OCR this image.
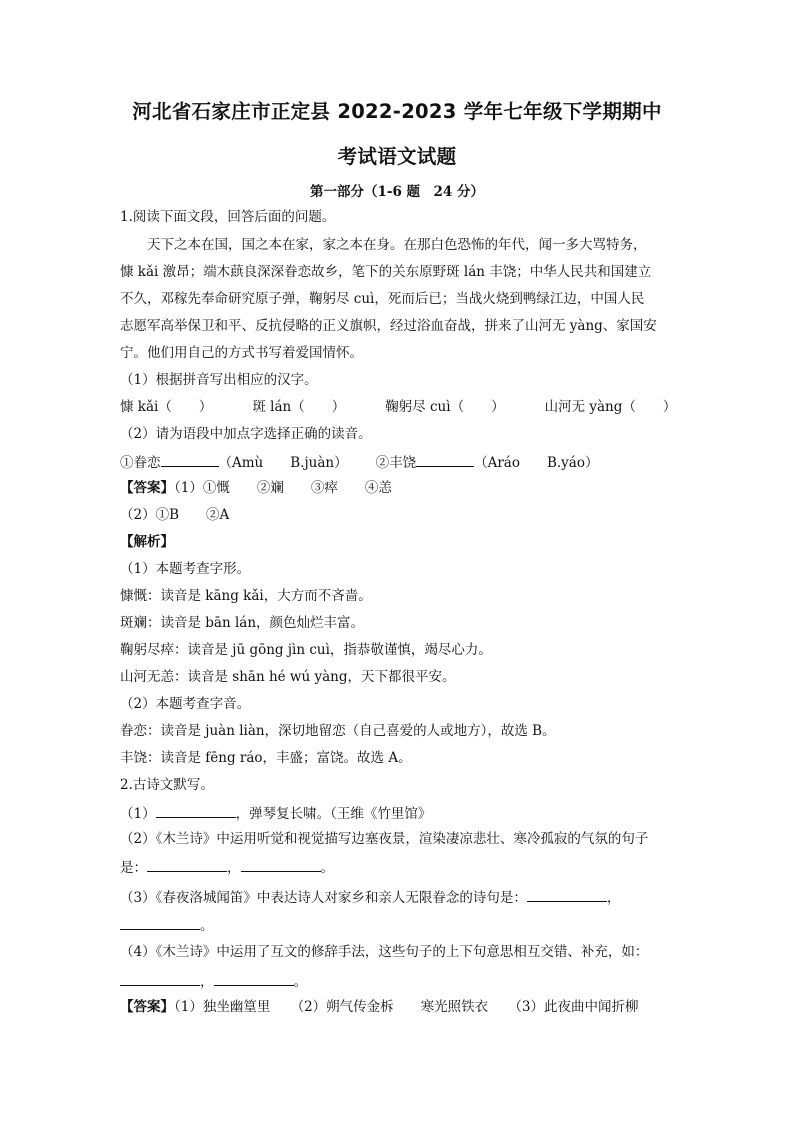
河北省石家庄市正定县 2022-2023 学年七年级下学期期中
考试语文试题
第一部分（1-6 题　24 分）
1.阅读下面文段，回答后面的问题。
天下之本在国，国之本在家，家之本在身。在那白色恐怖的年代，闻一多大骂特务，
慷 kǎi 激昂；端木蕻良深深眷恋故乡，笔下的关东原野斑 lán 丰饶；中华人民共和国建立
不久，邓稼先奉命研究原子弹，鞠躬尽 cuì，死而后已；当战火烧到鸭绿江边，中国人民
志愿军高举保卫和平、反抗侵略的正义旗帜，经过浴血奋战，拼来了山河无 yàng、家国安
宁。他们用自己的方式书写着爱国情怀。
（1）根据拼音写出相应的汉字。
慷 kǎi（　　）	斑 lán（　　）	鞠躬尽 cuì（　　）	山河无 yàng（　　）
（2）请为语段中加点字选择正确的读音。
①眷恋	（Amù　　B.juàn） ②丰饶	（Aráo　　B.yáo）
【答案】（1）①慨　　②斓　　③瘁　　④恙
（2）①B　　②A
【解析】
（1）本题考查字形。
慷慨：读音是 kāng kǎi，大方而不吝啬。
斑斓：读音是 bān lán，颜色灿烂丰富。
鞠躬尽瘁：读音是 jū gōng jìn cuì，指恭敬谨慎，竭尽心力。
山河无恙：读音是 shān hé wú yàng，天下都很平安。
（2）本题考查字音。
眷恋：读音是 juàn liàn，深切地留恋（自己喜爱的人或地方），故选 B。
丰饶：读音是 fēng ráo，丰盛；富饶。故选 A。
2.古诗文默写。
（1）	，弹琴复长啸。（王维《竹里馆》
（2）《木兰诗》中运用听觉和视觉描写边塞夜景，渲染凄凉悲壮、寒冷孤寂的气氛的句子
是：	，	。
（3）《春夜洛城闻笛》中表达诗人对家乡和亲人无限眷念的诗句是：	，
。
（4）《木兰诗》中运用了互文的修辞手法，这些句子的上下句意思相互交错、补充，如：
，	。
【答案】（1）独坐幽篁里　　（2）朔气传金柝　　寒光照铁衣　　（3）此夜曲中闻折柳
